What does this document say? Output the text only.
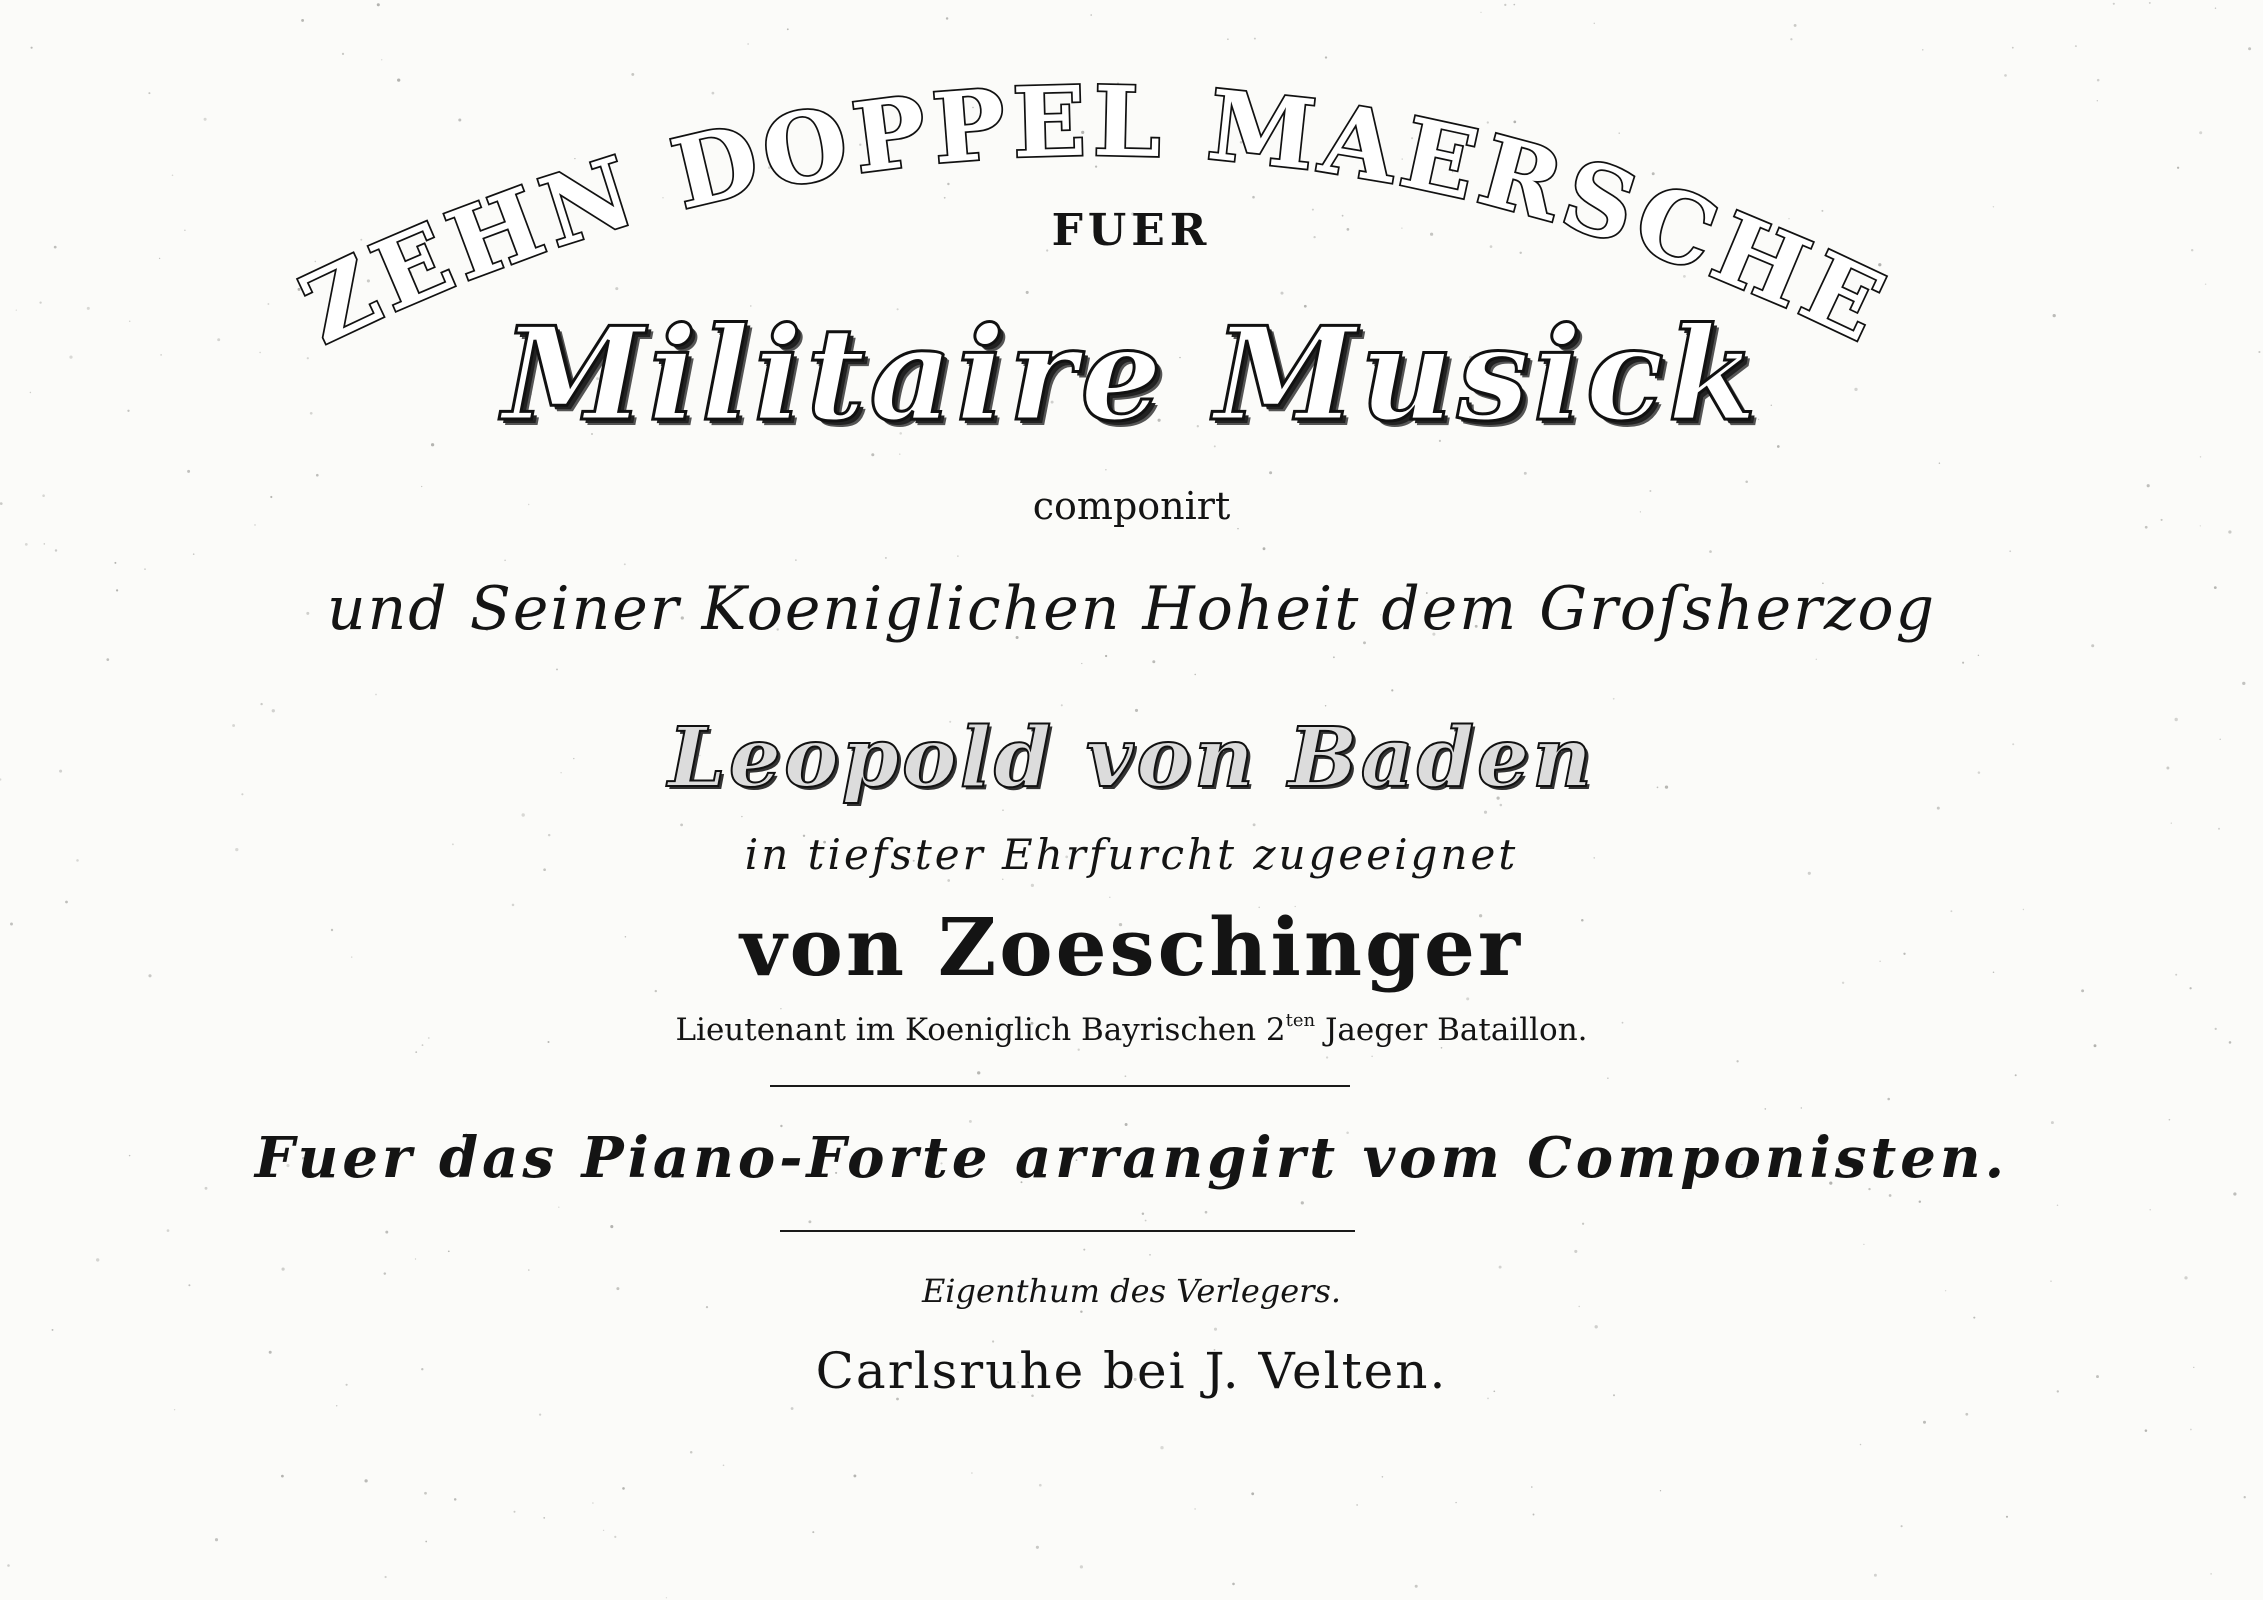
ZEHN DOPPEL MAERSCHE
FUER
Militaire Musick
componirt
und Seiner Koeniglichen Hoheit dem Groſsherzog
Leopold von Baden
in tiefster Ehrfurcht zugeeignet
von Zoeschinger
Lieutenant im Koeniglich Bayrischen $2^{ten}$ Jaeger Bataillon.
Fuer das Piano-Forte arrangirt vom Componisten.
Eigenthum des Verlegers.
Carlsruhe bei J. Velten.
